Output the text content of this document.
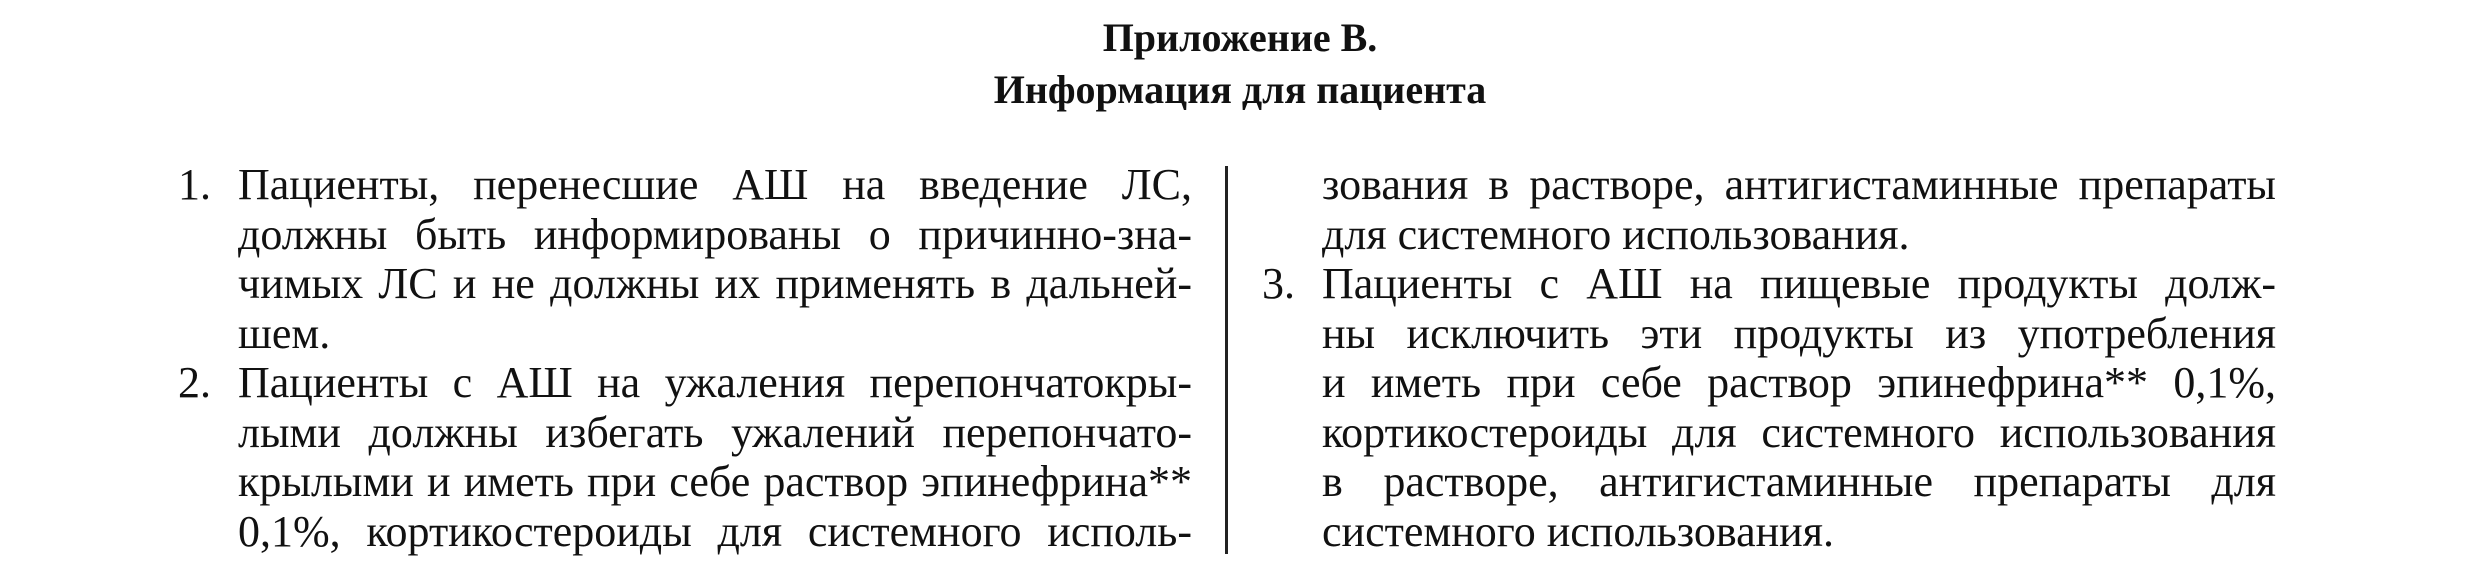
Приложение В.
Информация для пациента
1. Пациенты, перенесшие АШ на введение ЛС,
должны быть информированы о причинно-зна-
чимых ЛС и не должны их применять в дальней-
шем.
2. Пациенты с АШ на ужаления перепончатокры-
лыми должны избегать ужалений перепончато-
крылыми и иметь при себе раствор эпинефрина**
0,1%, кортикостероиды для системного исполь-
зования в растворе, антигистаминные препараты
для системного использования.
3. Пациенты с АШ на пищевые продукты долж-
ны исключить эти продукты из употребления
и иметь при себе раствор эпинефрина** 0,1%,
кортикостероиды для системного использования
в растворе, антигистаминные препараты для
системного использования.
